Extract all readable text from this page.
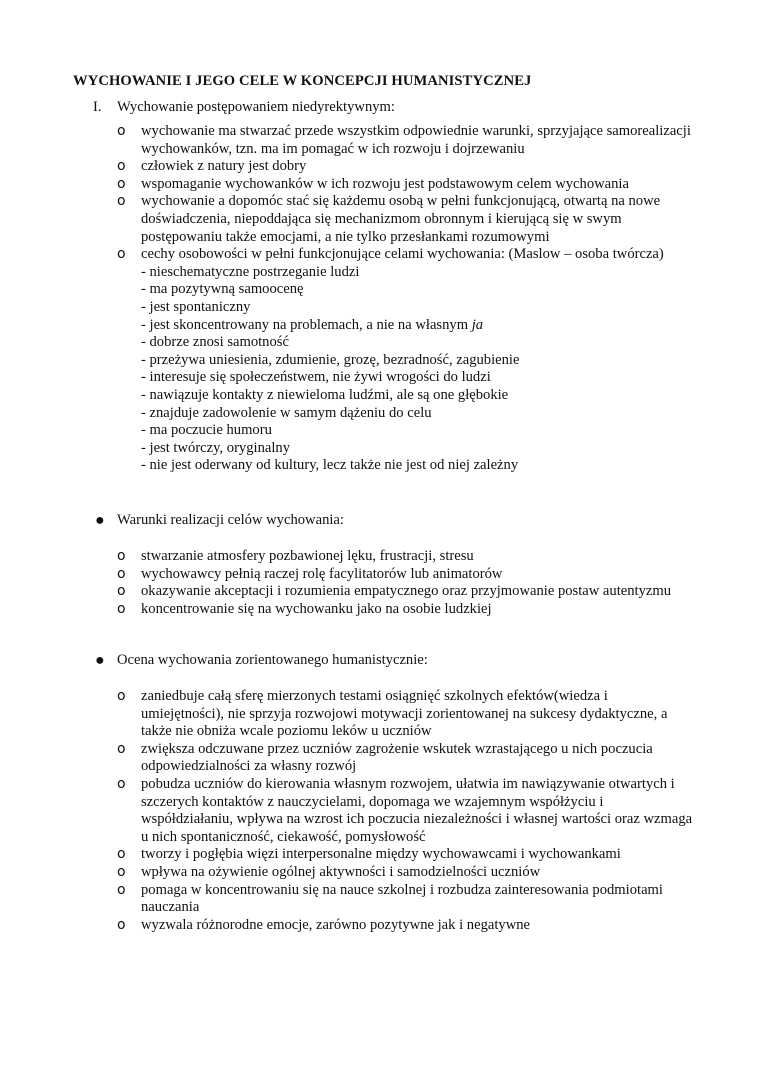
WYCHOWANIE I JEGO CELE W KONCEPCJI HUMANISTYCZNEJ
I.	Wychowanie postępowaniem niedyrektywnym:
o wychowanie ma stwarzać przede wszystkim odpowiednie warunki, sprzyjające samorealizacji wychowanków, tzn. ma im pomagać w ich rozwoju i dojrzewaniu
o człowiek z natury jest dobry
o wspomaganie wychowanków w ich rozwoju jest podstawowym celem wychowania
o wychowanie a dopomóc stać się każdemu osobą w pełni funkcjonującą, otwartą na nowe doświadczenia, niepoddająca się mechanizmom obronnym i kierującą się w swym postępowaniu także emocjami, a nie tylko przesłankami rozumowymi
o cechy osobowości w pełni funkcjonujące celami wychowania: (Maslow – osoba twórcza)
- nieschematyczne postrzeganie ludzi
- ma pozytywną samoocenę
- jest spontaniczny
- jest skoncentrowany na problemach, a nie na własnym ja
- dobrze znosi samotność
- przeżywa uniesienia, zdumienie, grozę, bezradność, zagubienie
- interesuje się społeczeństwem, nie żywi wrogości do ludzi
- nawiązuje kontakty z niewieloma ludźmi, ale są one głębokie
- znajduje zadowolenie w samym dążeniu do celu
- ma poczucie humoru
- jest twórczy, oryginalny
- nie jest oderwany od kultury, lecz także nie jest od niej zależny
● Warunki realizacji celów wychowania:
o stwarzanie atmosfery pozbawionej lęku, frustracji, stresu
o wychowawcy pełnią raczej rolę facylitatorów lub animatorów
o okazywanie akceptacji i rozumienia empatycznego oraz przyjmowanie postaw autentyzmu
o koncentrowanie się na wychowanku jako na osobie ludzkiej
● Ocena wychowania zorientowanego humanistycznie:
o zaniedbuje całą sferę mierzonych testami osiągnięć szkolnych efektów(wiedza i umiejętności), nie sprzyja rozwojowi motywacji zorientowanej na sukcesy dydaktyczne, a także nie obniża wcale poziomu leków u uczniów
o zwiększa odczuwane przez uczniów zagrożenie wskutek wzrastającego u nich poczucia odpowiedzialności za własny rozwój
o pobudza uczniów do kierowania własnym rozwojem, ułatwia im nawiązywanie otwartych i szczerych kontaktów z nauczycielami, dopomaga we wzajemnym współżyciu i współdziałaniu, wpływa na wzrost ich poczucia niezależności i własnej wartości oraz wzmaga u nich spontaniczność, ciekawość, pomysłowość
o tworzy i pogłębia więzi interpersonalne między wychowawcami i wychowankami
o wpływa na ożywienie ogólnej aktywności i samodzielności uczniów
o pomaga w koncentrowaniu się na nauce szkolnej i rozbudza zainteresowania podmiotami nauczania
o wyzwala różnorodne emocje, zarówno pozytywne jak i negatywne
